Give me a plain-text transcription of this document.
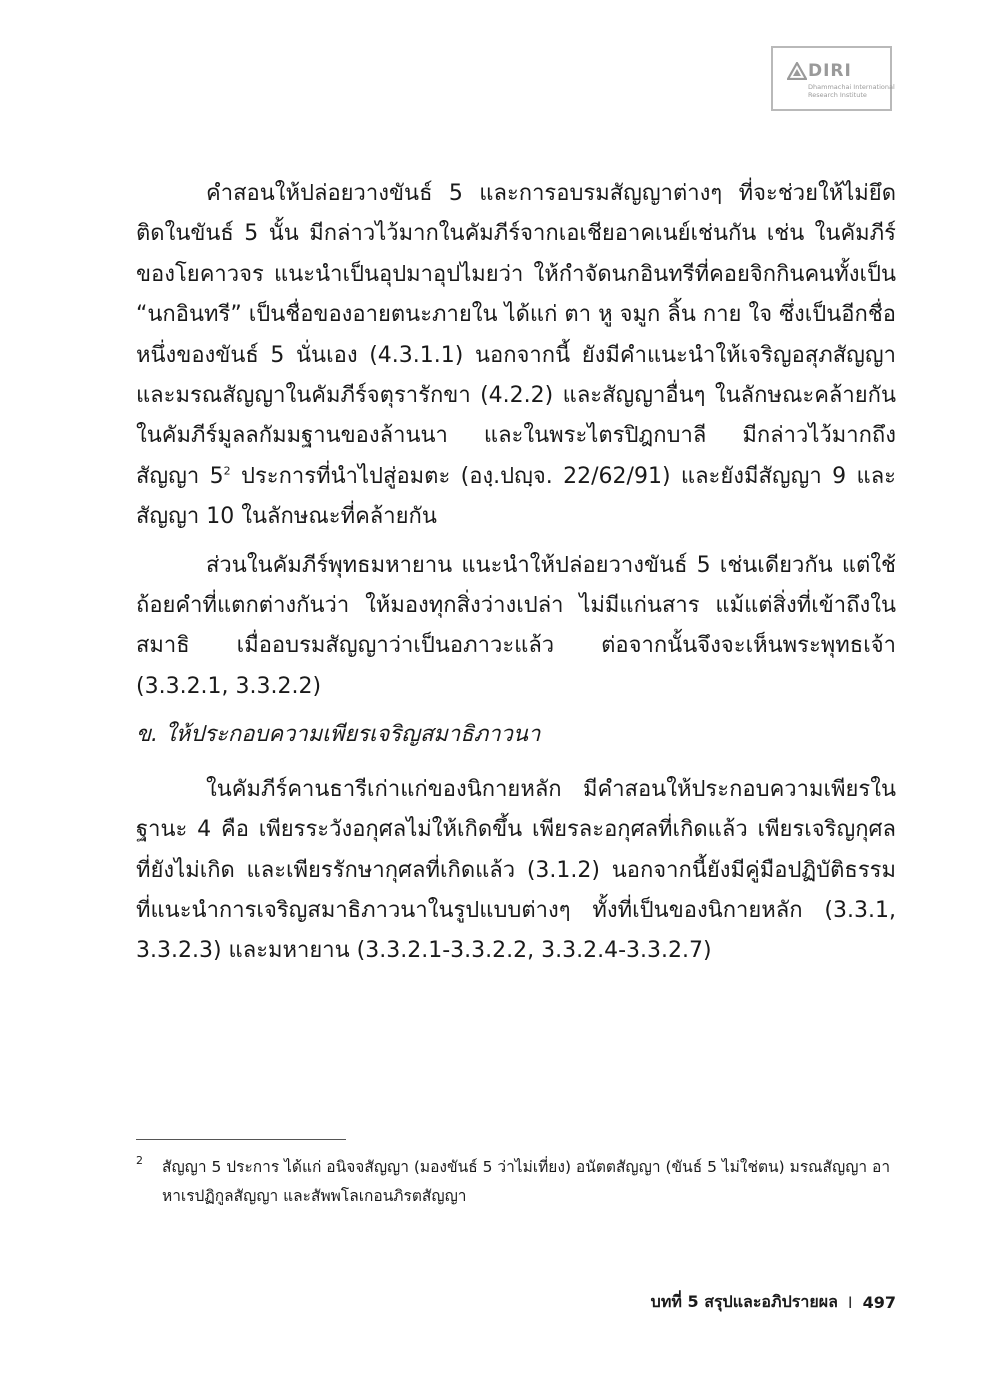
DIRI
Dhammachai International
Research Institute

คำสอนให้ปล่อยวางขันธ์ 5 และการอบรมสัญญาต่างๆ ที่จะช่วยให้ไม่ยึดติดในขันธ์ 5 นั้น มีกล่าวไว้มากในคัมภีร์จากเอเชียอาคเนย์เช่นกัน เช่น ในคัมภีร์ของโยคาวจร แนะนำเป็นอุปมาอุปไมยว่า ให้กำจัดนกอินทรีที่คอยจิกกินคนทั้งเป็น “นกอินทรี” เป็นชื่อของอายตนะภายใน ได้แก่ ตา หู จมูก ลิ้น กาย ใจ ซึ่งเป็นอีกชื่อหนึ่งของขันธ์ 5 นั่นเอง (4.3.1.1) นอกจากนี้ ยังมีคำแนะนำให้เจริญอสุภสัญญา และมรณสัญญาในคัมภีร์จตุรารักขา (4.2.2) และสัญญาอื่นๆ ในลักษณะคล้ายกันในคัมภีร์มูลลกัมมฐานของล้านนา และในพระไตรปิฎกบาลี มีกล่าวไว้มากถึงสัญญา $5^2$ ประการที่นำไปสู่อมตะ (องฺ.ปญฺจ. 22/62/91) และยังมีสัญญา 9 และสัญญา 10 ในลักษณะที่คล้ายกัน

ส่วนในคัมภีร์พุทธมหายาน แนะนำให้ปล่อยวางขันธ์ 5 เช่นเดียวกัน แต่ใช้ถ้อยคำที่แตกต่างกันว่า ให้มองทุกสิ่งว่างเปล่า ไม่มีแก่นสาร แม้แต่สิ่งที่เข้าถึงในสมาธิ เมื่ออบรมสัญญาว่าเป็นอภาวะแล้ว ต่อจากนั้นจึงจะเห็นพระพุทธเจ้า (3.3.2.1, 3.3.2.2)

ข. ให้ประกอบความเพียรเจริญสมาธิภาวนา

ในคัมภีร์คานธารีเก่าแก่ของนิกายหลัก มีคำสอนให้ประกอบความเพียรในฐานะ 4 คือ เพียรระวังอกุศลไม่ให้เกิดขึ้น เพียรละอกุศลที่เกิดแล้ว เพียรเจริญกุศลที่ยังไม่เกิด และเพียรรักษากุศลที่เกิดแล้ว (3.1.2) นอกจากนี้ยังมีคู่มือปฏิบัติธรรมที่แนะนำการเจริญสมาธิภาวนาในรูปแบบต่างๆ ทั้งที่เป็นของนิกายหลัก (3.3.1, 3.3.2.3) และมหายาน (3.3.2.1-3.3.2.2, 3.3.2.4-3.3.2.7)

2	สัญญา 5 ประการ ได้แก่ อนิจจสัญญา (มองขันธ์ 5 ว่าไม่เที่ยง) อนัตตสัญญา (ขันธ์ 5 ไม่ใช่ตน) มรณสัญญา อาหาเรปฏิกูลสัญญา และสัพพโลเกอนภิรตสัญญา
บทที่ 5 สรุปและอภิปรายผล I 497
